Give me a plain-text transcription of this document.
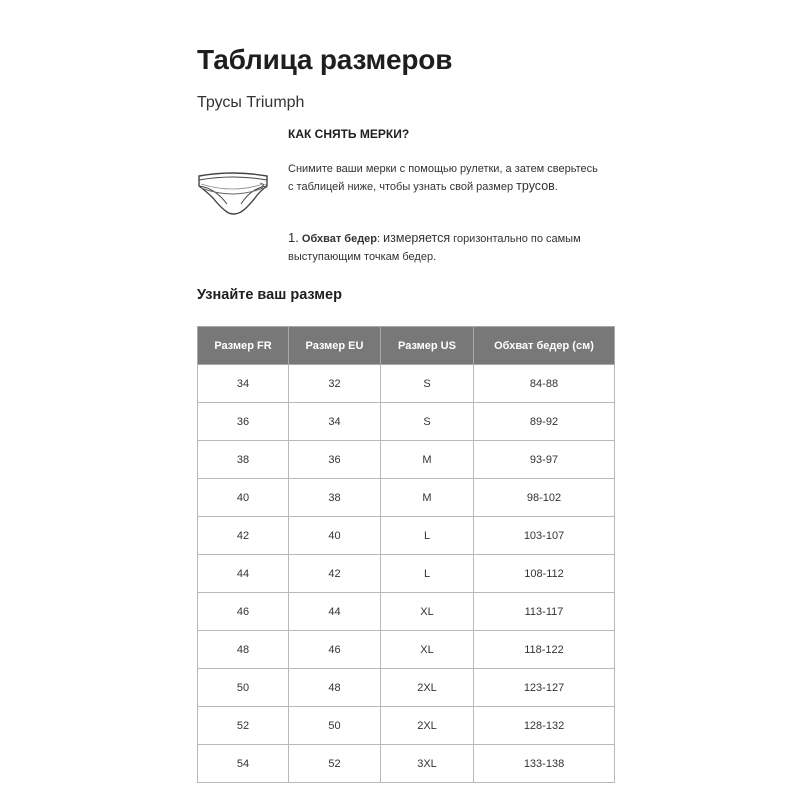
Таблица размеров
Трусы Triumph
1
КАК СНЯТЬ МЕРКИ?
Снимите ваши мерки с помощью рулетки, а затем сверьтесь с таблицей ниже, чтобы узнать свой размер трусов.
1. Обхват бедер: измеряется горизонтально по самым выступающим точкам бедер.
Узнайте ваш размер
Размер FR	Размер EU	Размер US	Обхват бедер (см)
34	32	S	84-88
36	34	S	89-92
38	36	M	93-97
40	38	M	98-102
42	40	L	103-107
44	42	L	108-112
46	44	XL	113-117
48	46	XL	118-122
50	48	2XL	123-127
52	50	2XL	128-132
54	52	3XL	133-138
